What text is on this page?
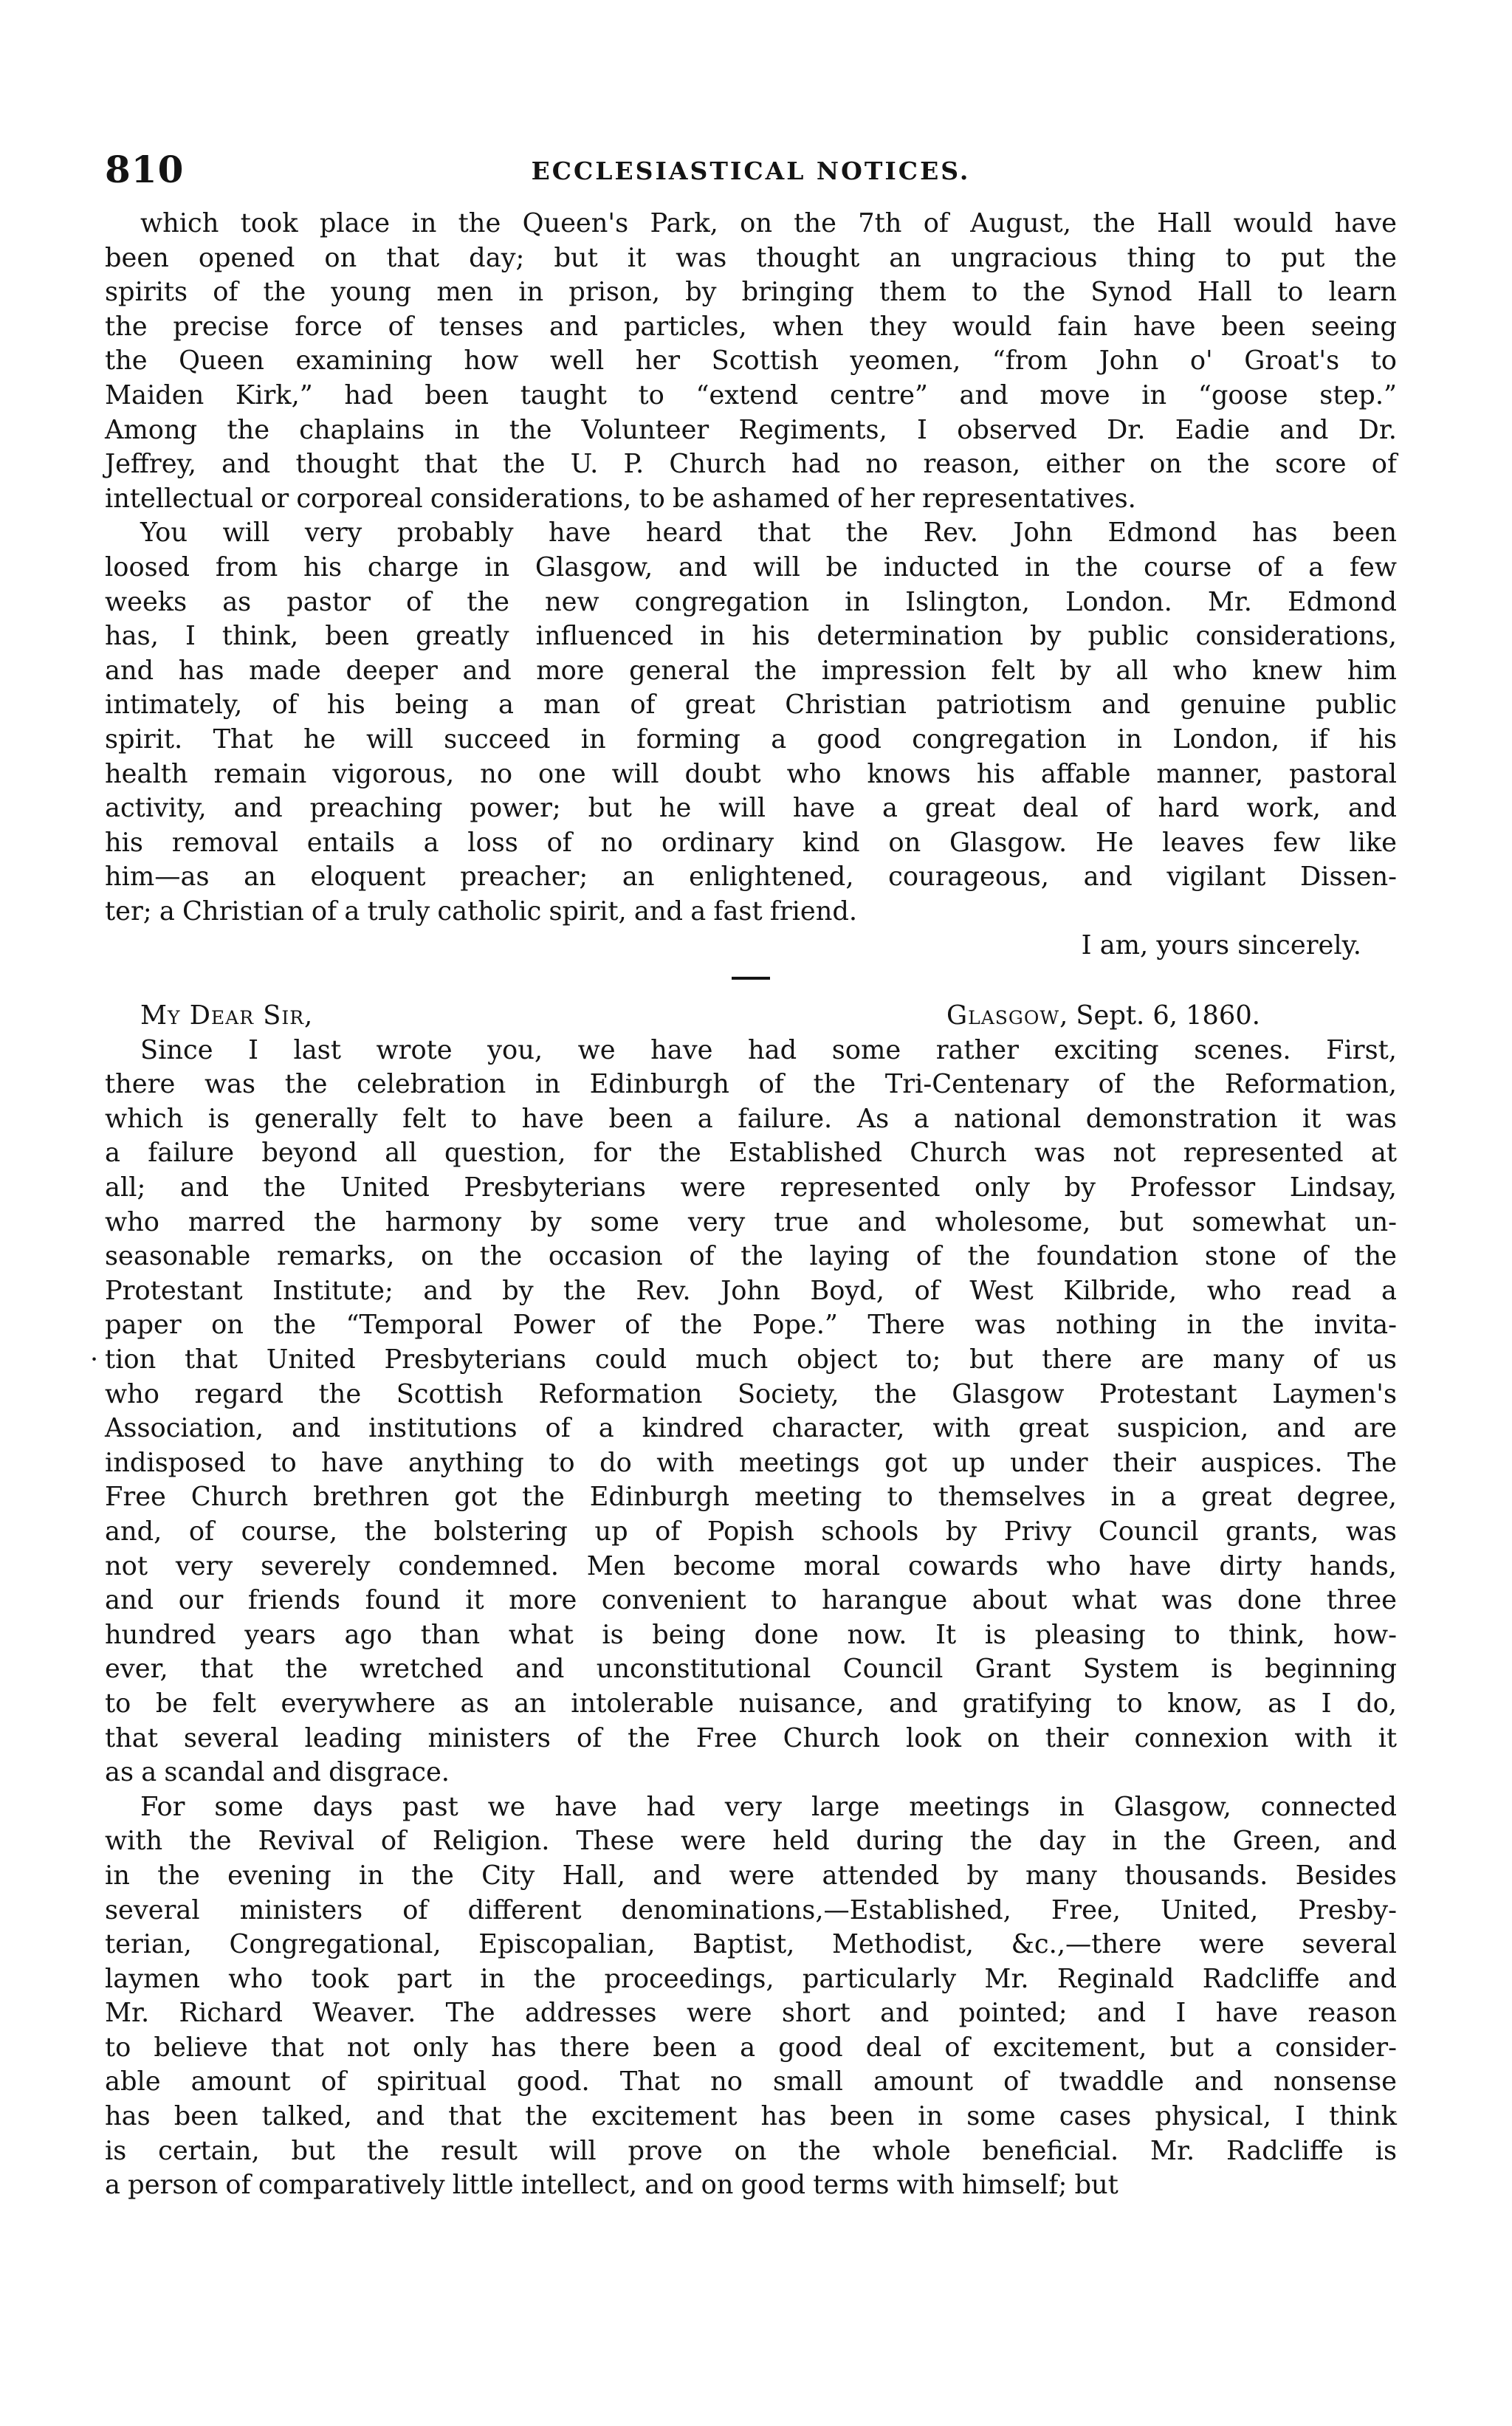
810	ECCLESIASTICAL NOTICES.
which took place in the Queen's Park, on the 7th of August, the Hall would have
been opened on that day; but it was thought an ungracious thing to put the
spirits of the young men in prison, by bringing them to the Synod Hall to learn
the precise force of tenses and particles, when they would fain have been seeing
the Queen examining how well her Scottish yeomen, “from John o' Groat's to
Maiden Kirk,” had been taught to “extend centre” and move in “goose step.”
Among the chaplains in the Volunteer Regiments, I observed Dr. Eadie and Dr.
Jeffrey, and thought that the U. P. Church had no reason, either on the score of
intellectual or corporeal considerations, to be ashamed of her representatives.
You will very probably have heard that the Rev. John Edmond has been
loosed from his charge in Glasgow, and will be inducted in the course of a few
weeks as pastor of the new congregation in Islington, London. Mr. Edmond
has, I think, been greatly influenced in his determination by public considerations,
and has made deeper and more general the impression felt by all who knew him
intimately, of his being a man of great Christian patriotism and genuine public
spirit. That he will succeed in forming a good congregation in London, if his
health remain vigorous, no one will doubt who knows his affable manner, pastoral
activity, and preaching power; but he will have a great deal of hard work, and
his removal entails a loss of no ordinary kind on Glasgow. He leaves few like
him—as an eloquent preacher; an enlightened, courageous, and vigilant Dissen-
ter; a Christian of a truly catholic spirit, and a fast friend.
I am, yours sincerely.
My Dear Sir,	Glasgow, Sept. 6, 1860.
·
Since I last wrote you, we have had some rather exciting scenes. First,
there was the celebration in Edinburgh of the Tri-Centenary of the Reformation,
which is generally felt to have been a failure. As a national demonstration it was
a failure beyond all question, for the Established Church was not represented at
all; and the United Presbyterians were represented only by Professor Lindsay,
who marred the harmony by some very true and wholesome, but somewhat un-
seasonable remarks, on the occasion of the laying of the foundation stone of the
Protestant Institute; and by the Rev. John Boyd, of West Kilbride, who read a
paper on the “Temporal Power of the Pope.” There was nothing in the invita-
tion that United Presbyterians could much object to; but there are many of us
who regard the Scottish Reformation Society, the Glasgow Protestant Laymen's
Association, and institutions of a kindred character, with great suspicion, and are
indisposed to have anything to do with meetings got up under their auspices. The
Free Church brethren got the Edinburgh meeting to themselves in a great degree,
and, of course, the bolstering up of Popish schools by Privy Council grants, was
not very severely condemned. Men become moral cowards who have dirty hands,
and our friends found it more convenient to harangue about what was done three
hundred years ago than what is being done now. It is pleasing to think, how-
ever, that the wretched and unconstitutional Council Grant System is beginning
to be felt everywhere as an intolerable nuisance, and gratifying to know, as I do,
that several leading ministers of the Free Church look on their connexion with it
as a scandal and disgrace.
For some days past we have had very large meetings in Glasgow, connected
with the Revival of Religion. These were held during the day in the Green, and
in the evening in the City Hall, and were attended by many thousands. Besides
several ministers of different denominations,—Established, Free, United, Presby-
terian, Congregational, Episcopalian, Baptist, Methodist, &c.,—there were several
laymen who took part in the proceedings, particularly Mr. Reginald Radcliffe and
Mr. Richard Weaver. The addresses were short and pointed; and I have reason
to believe that not only has there been a good deal of excitement, but a consider-
able amount of spiritual good. That no small amount of twaddle and nonsense
has been talked, and that the excitement has been in some cases physical, I think
is certain, but the result will prove on the whole beneficial. Mr. Radcliffe is
a person of comparatively little intellect, and on good terms with himself; but
